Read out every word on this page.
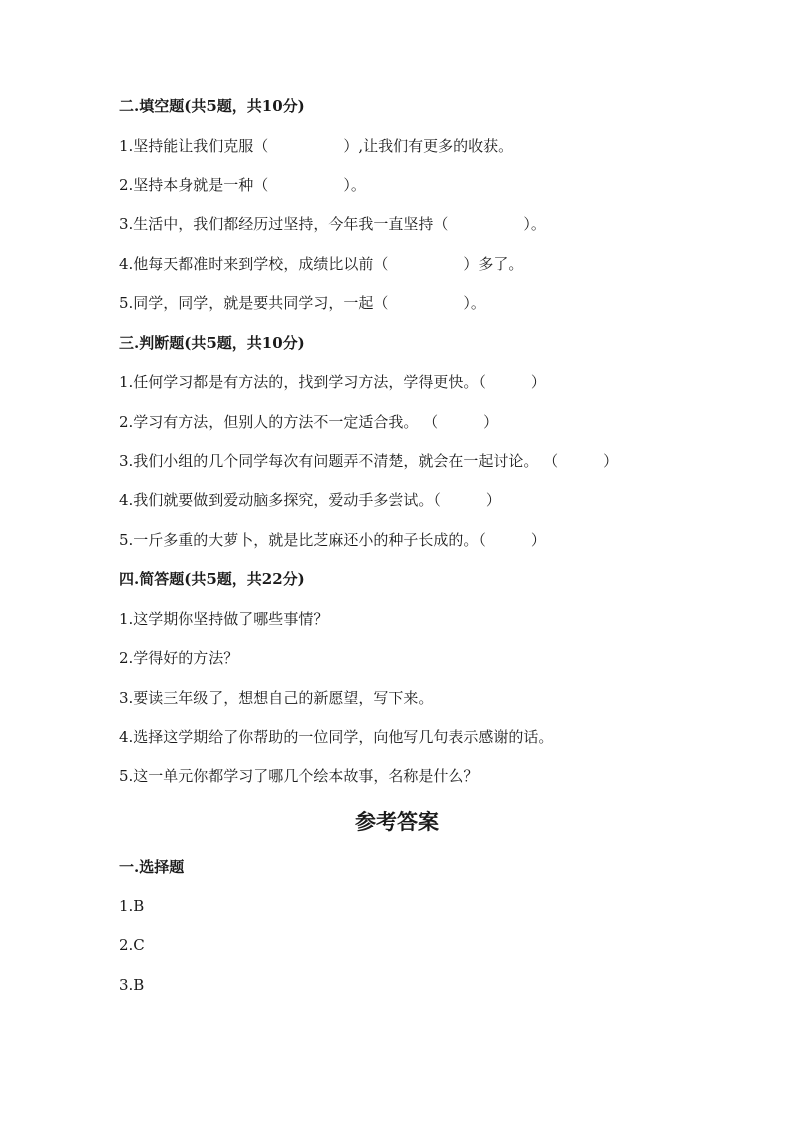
二.填空题(共5题，共10分)
1.坚持能让我们克服（　　　　　）,让我们有更多的收获。
2.坚持本身就是一种（　　　　　）。
3.生活中，我们都经历过坚持，今年我一直坚持（　　　　　）。
4.他每天都准时来到学校，成绩比以前（　　　　　）多了。
5.同学，同学，就是要共同学习，一起（　　　　　）。
三.判断题(共5题，共10分)
1.任何学习都是有方法的，找到学习方法，学得更快。（　　　）
2.学习有方法，但别人的方法不一定适合我。 （　　　）
3.我们小组的几个同学每次有问题弄不清楚，就会在一起讨论。 （　　　）
4.我们就要做到爱动脑多探究，爱动手多尝试。（　　　）
5.一斤多重的大萝卜，就是比芝麻还小的种子长成的。（　　　）
四.简答题(共5题，共22分)
1.这学期你坚持做了哪些事情？
2.学得好的方法？
3.要读三年级了，想想自己的新愿望，写下来。
4.选择这学期给了你帮助的一位同学，向他写几句表示感谢的话。
5.这一单元你都学习了哪几个绘本故事，名称是什么？
参考答案
一.选择题
1.B
2.C
3.B
